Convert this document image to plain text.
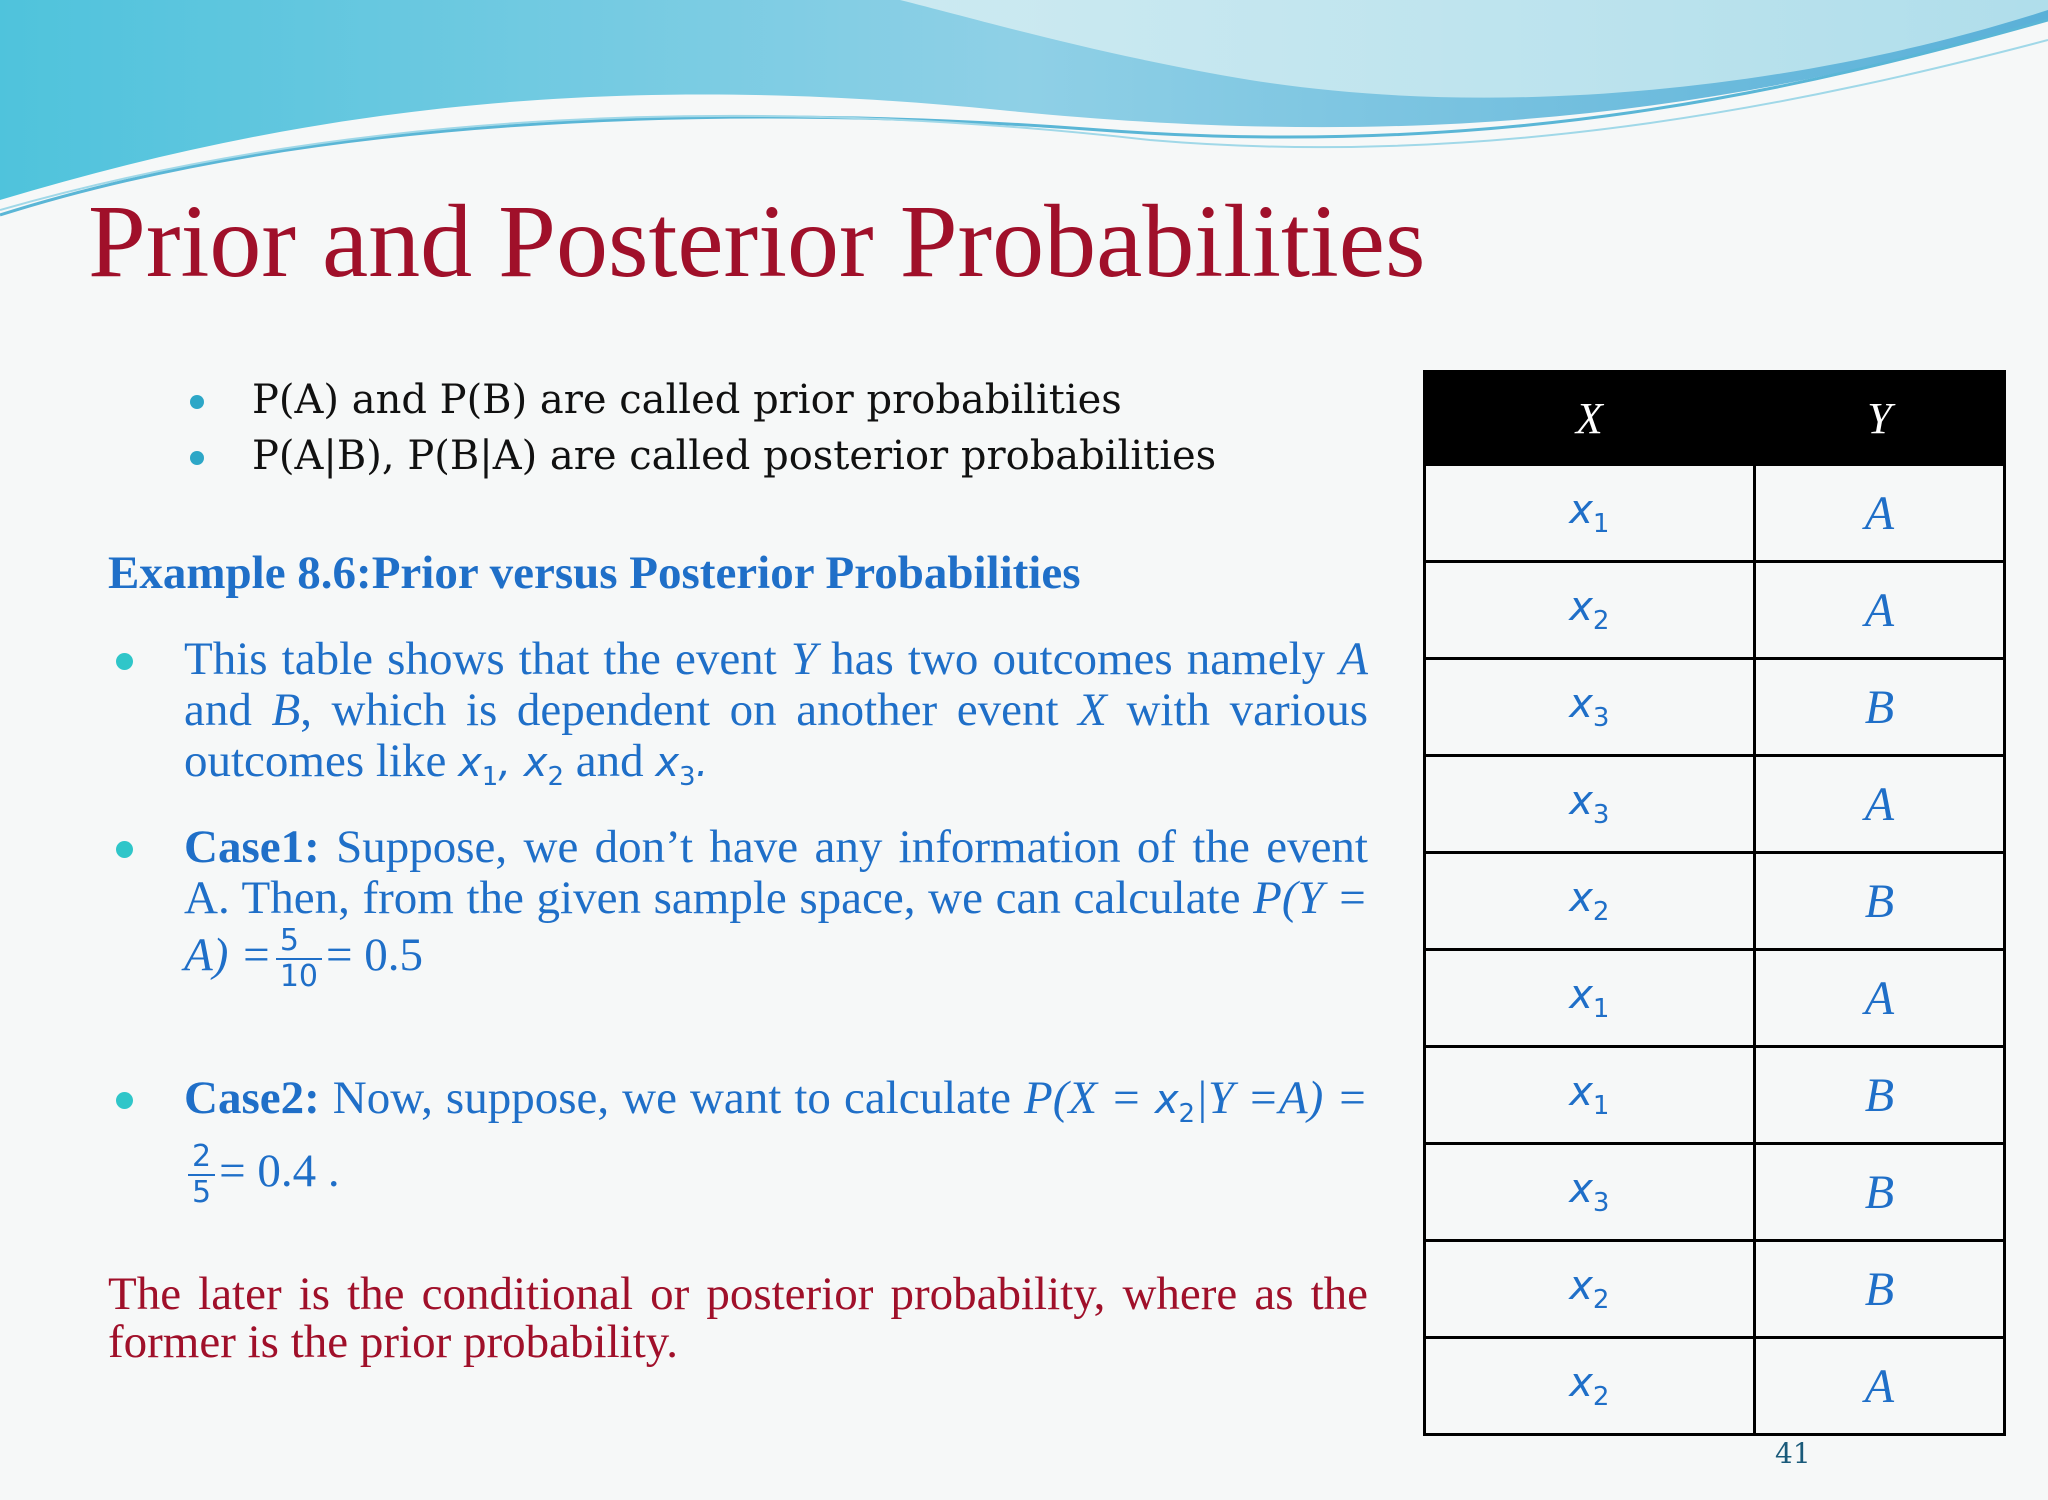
Prior and Posterior Probabilities
P(A) and P(B) are called prior probabilities
P(A|B), P(B|A) are called posterior probabilities
Example 8.6:Prior versus Posterior Probabilities
This table shows that the event Y has two outcomes namely A and B, which is dependent on another event X with various outcomes like $x_1$, $x_2$ and $x_3$.
Case1: Suppose, we don’t have any information of the event A. Then, from the given sample space, we can calculate $P(Y = A) = \frac{5}{10} = 0.5$
Case2: Now, suppose, we want to calculate $P(X = x_2|Y =A)$ =
$\frac{2}{5} = 0.4$ .
The later is the conditional or posterior probability, where as the former is the prior probability.
X	Y
$x_1$	A
$x_2$	A
$x_3$	B
$x_3$	A
$x_2$	B
$x_1$	A
$x_1$	B
$x_3$	B
$x_2$	B
$x_2$	A
41
